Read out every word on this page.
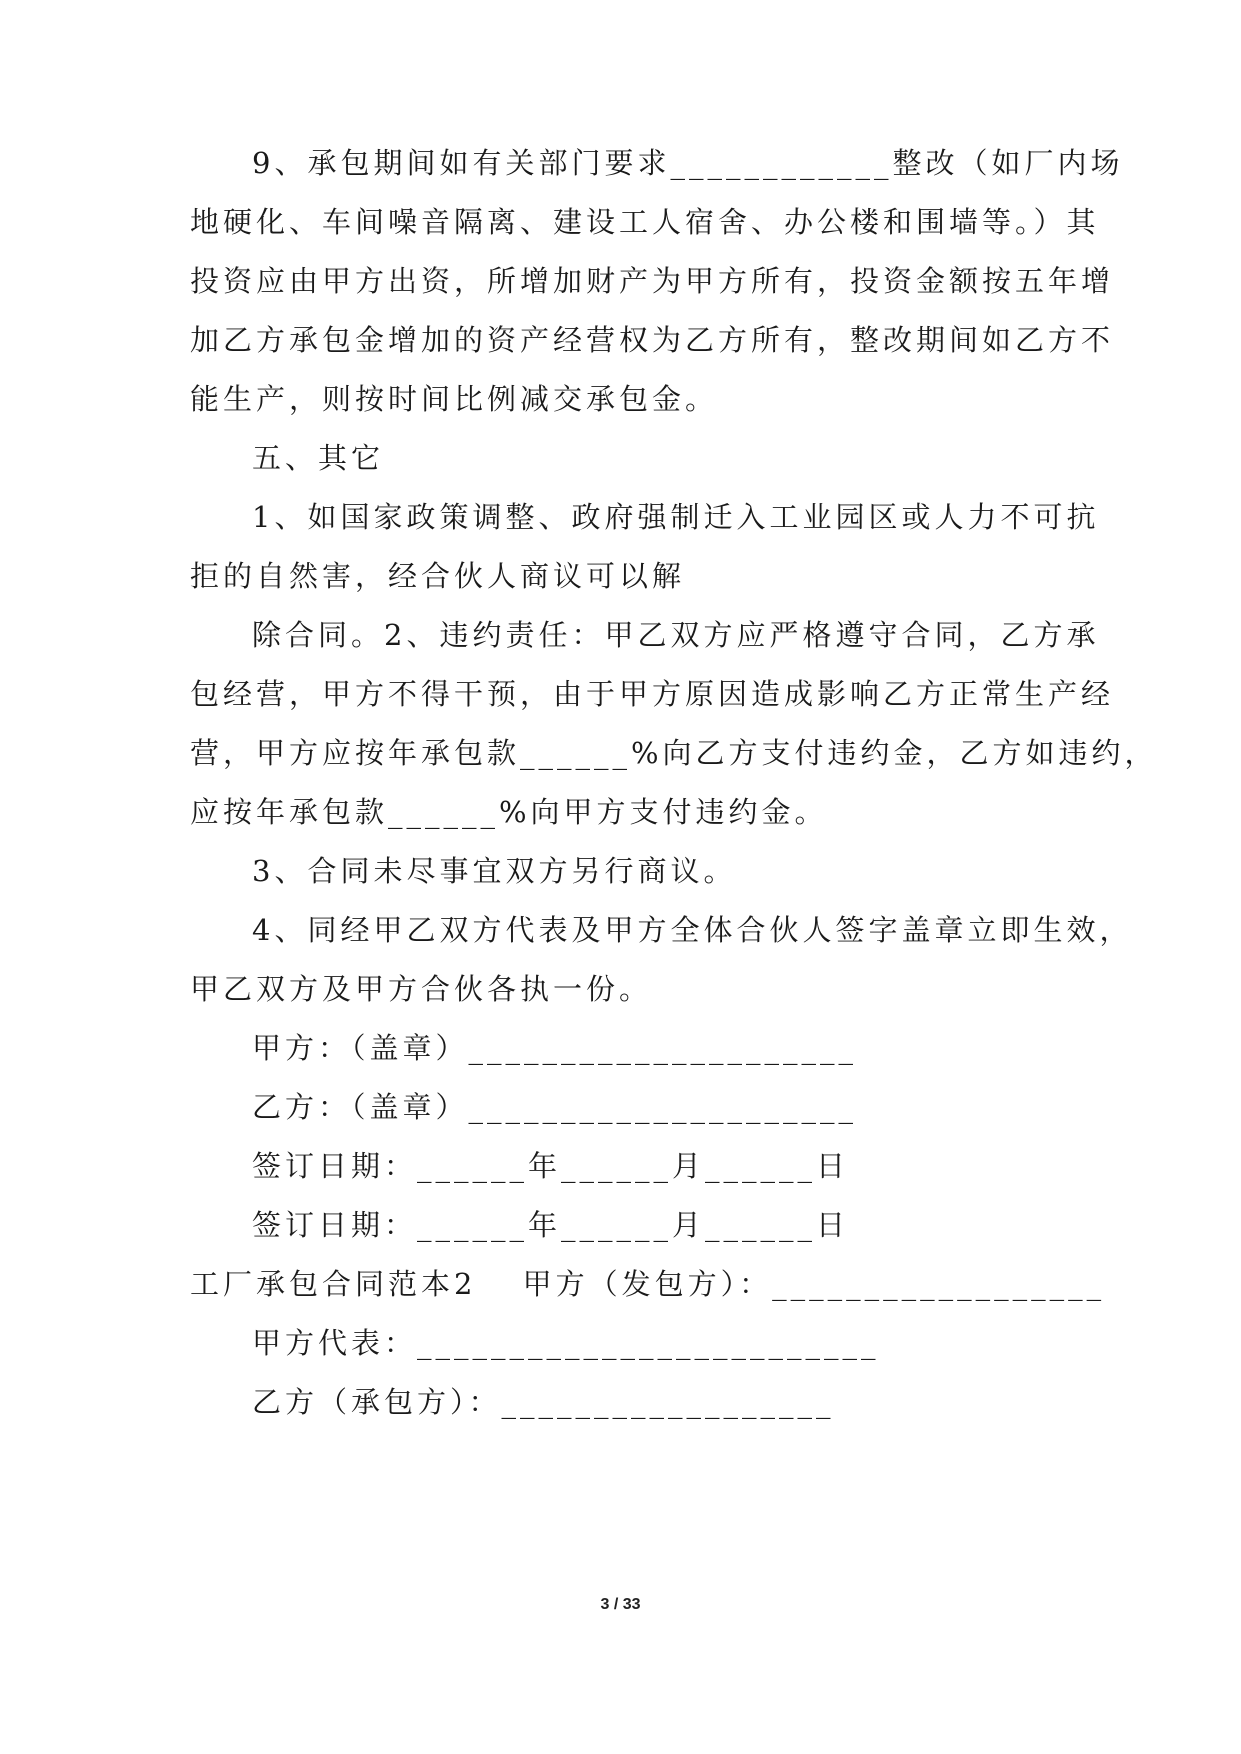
9、承包期间如有关部门要求____________整改（如厂内场
地硬化、车间噪音隔离、建设工人宿舍、办公楼和围墙等。）其
投资应由甲方出资，所增加财产为甲方所有，投资金额按五年增
加乙方承包金增加的资产经营权为乙方所有，整改期间如乙方不
能生产，则按时间比例减交承包金。
五、其它
1、如国家政策调整、政府强制迁入工业园区或人力不可抗
拒的自然害，经合伙人商议可以解
除合同。2、违约责任：甲乙双方应严格遵守合同，乙方承
包经营，甲方不得干预，由于甲方原因造成影响乙方正常生产经
营，甲方应按年承包款______%向乙方支付违约金，乙方如违约，
应按年承包款______%向甲方支付违约金。
3、合同未尽事宜双方另行商议。
4、同经甲乙双方代表及甲方全体合伙人签字盖章立即生效，
甲乙双方及甲方合伙各执一份。
甲方：（盖章）_____________________
乙方：（盖章）_____________________
签订日期：______年______月______日
签订日期：______年______月______日
工厂承包合同范本2　 甲方（发包方）：__________________
甲方代表：_________________________
乙方（承包方）：__________________
3 / 33
